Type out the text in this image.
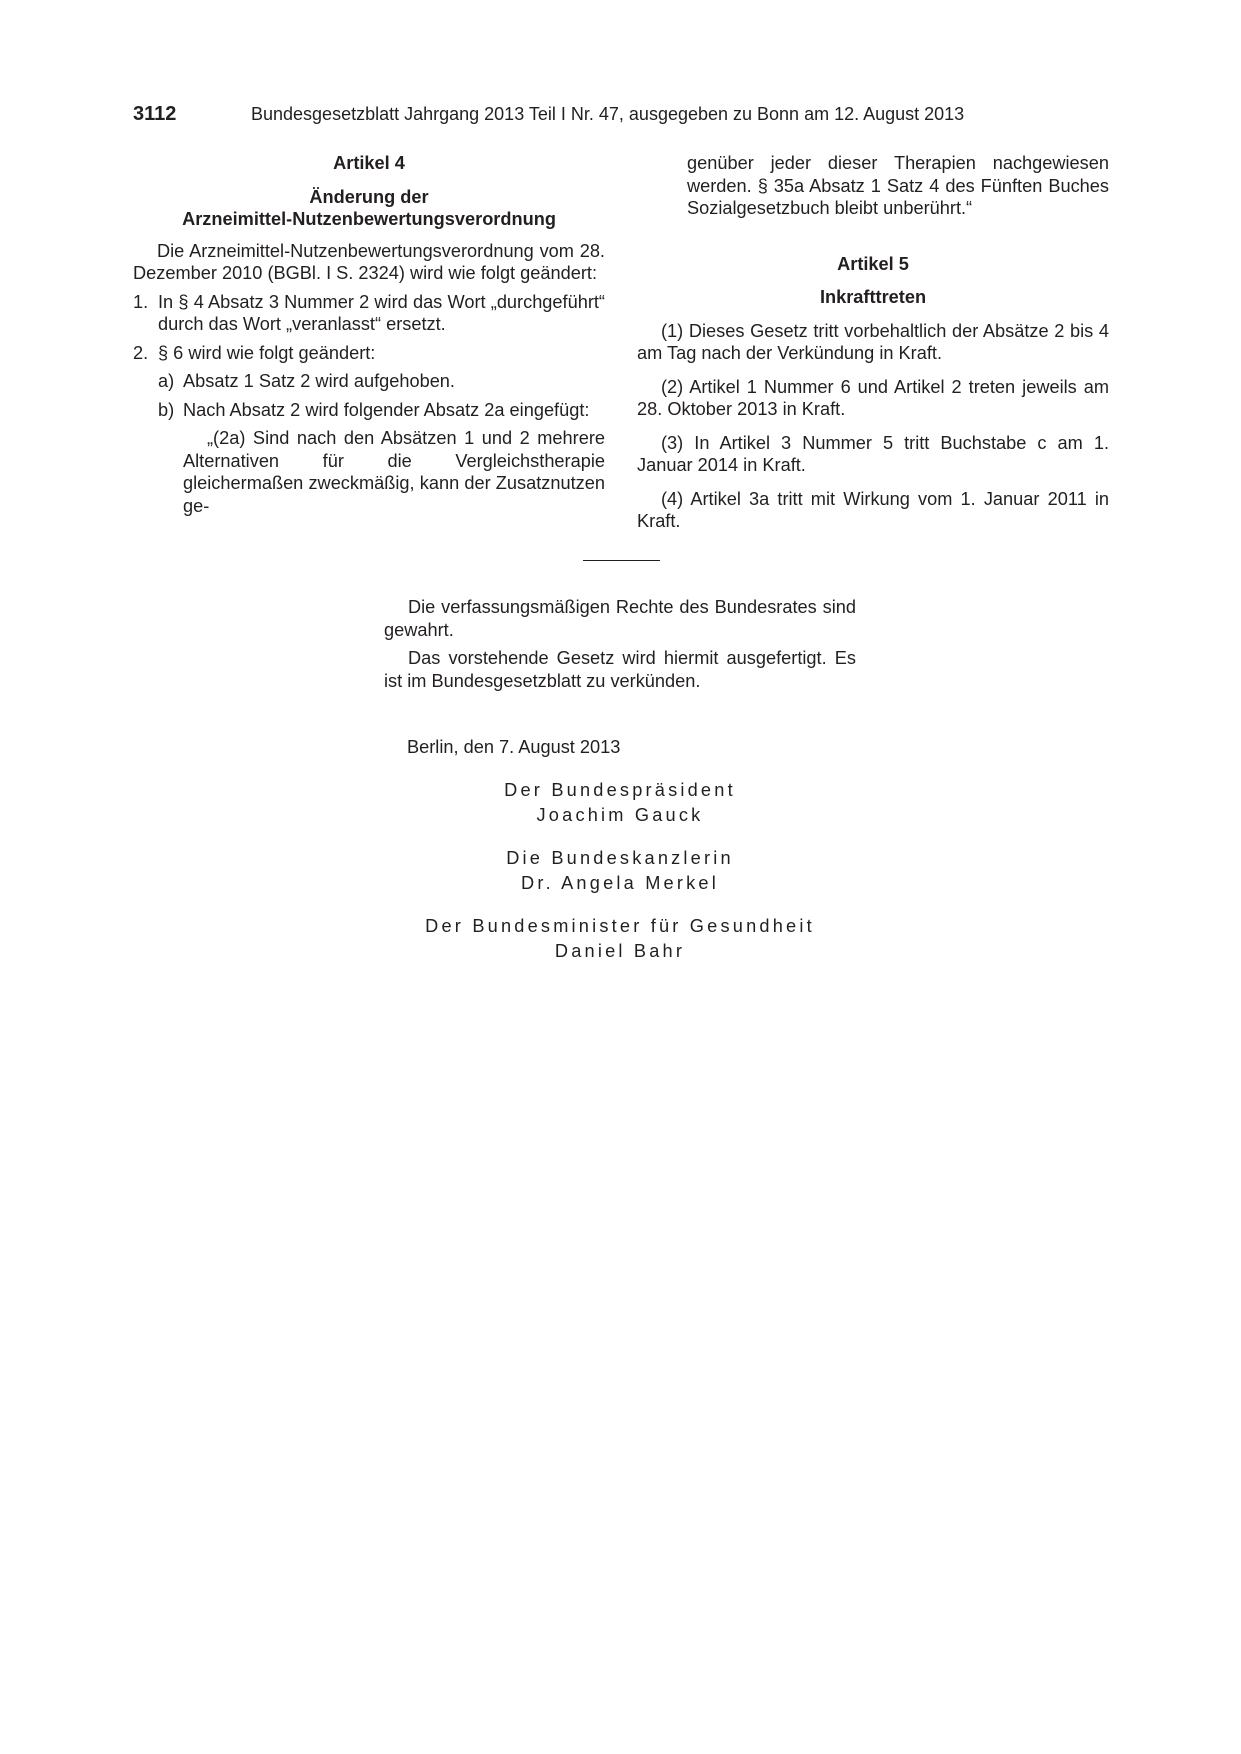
3112	Bundesgesetzblatt Jahrgang 2013 Teil I Nr. 47, ausgegeben zu Bonn am 12. August 2013

Artikel 4

Änderung der

Arzneimittel-Nutzenbewertungsverordnung

Die Arzneimittel-Nutzenbewertungsverordnung vom 28. Dezember 2010 (BGBl. I S. 2324) wird wie folgt geändert:

1. In § 4 Absatz 3 Nummer 2 wird das Wort „durchgeführt“ durch das Wort „veranlasst“ ersetzt.
2. § 6 wird wie folgt geändert:
a) Absatz 1 Satz 2 wird aufgehoben.
b) Nach Absatz 2 wird folgender Absatz 2a eingefügt:

„(2a) Sind nach den Absätzen 1 und 2 mehrere Alternativen für die Vergleichstherapie gleichermaßen zweckmäßig, kann der Zusatznutzen ge-

genüber jeder dieser Therapien nachgewiesen werden. § 35a Absatz 1 Satz 4 des Fünften Buches Sozialgesetzbuch bleibt unberührt.“

Artikel 5

Inkrafttreten

(1) Dieses Gesetz tritt vorbehaltlich der Absätze 2 bis 4 am Tag nach der Verkündung in Kraft.

(2) Artikel 1 Nummer 6 und Artikel 2 treten jeweils am 28. Oktober 2013 in Kraft.

(3) In Artikel 3 Nummer 5 tritt Buchstabe c am 1. Januar 2014 in Kraft.

(4) Artikel 3a tritt mit Wirkung vom 1. Januar 2011 in Kraft.

Die verfassungsmäßigen Rechte des Bundesrates sind gewahrt.

Das vorstehende Gesetz wird hiermit ausgefertigt. Es ist im Bundesgesetzblatt zu verkünden.

Berlin, den 7. August 2013
Der Bundespräsident
Joachim Gauck
Die Bundeskanzlerin
Dr. Angela Merkel
Der Bundesminister für Gesundheit
Daniel Bahr
